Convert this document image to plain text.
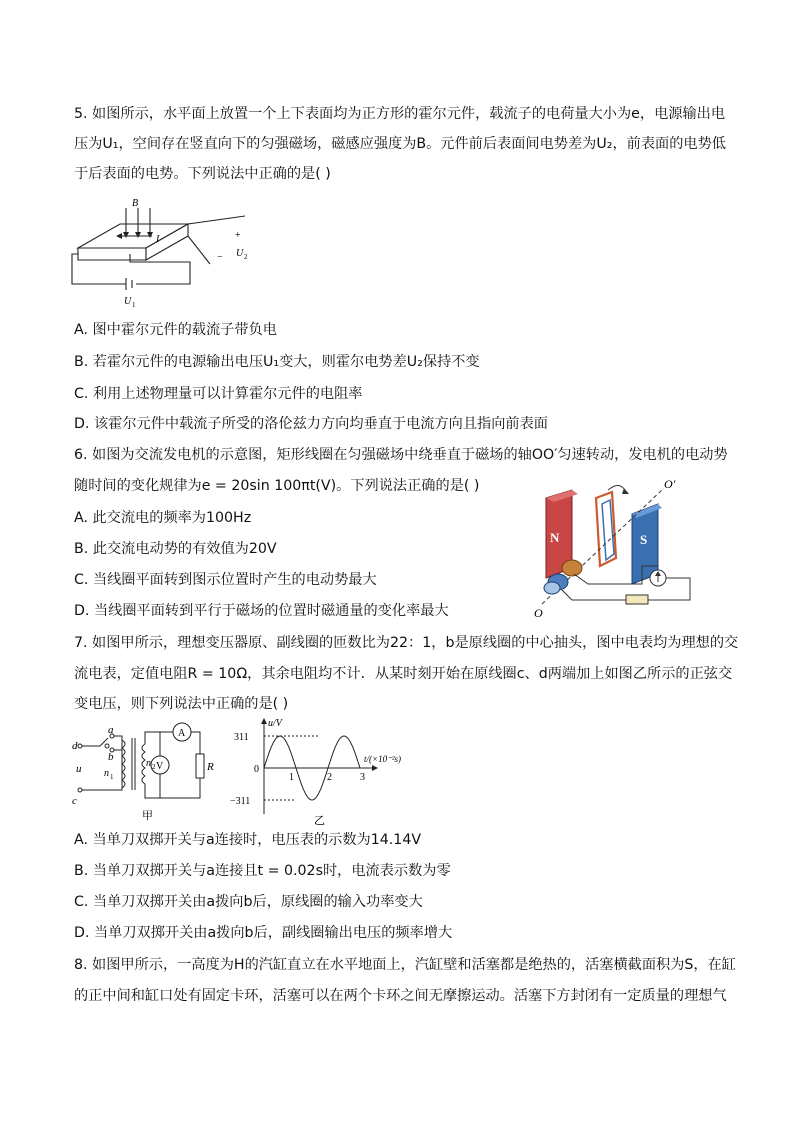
5. 如图所示，水平面上放置一个上下表面均为正方形的霍尔元件，载流子的电荷量大小为e，电源输出电
压为U₁，空间存在竖直向下的匀强磁场，磁感应强度为B。元件前后表面间电势差为U₂，前表面的电势低
于后表面的电势。下列说法中正确的是( )
B
I	+
− U 2
U 1
A. 图中霍尔元件的载流子带负电
B. 若霍尔元件的电源输出电压U₁变大，则霍尔电势差U₂保持不变
C. 利用上述物理量可以计算霍尔元件的电阻率
D. 该霍尔元件中载流子所受的洛伦兹力方向均垂直于电流方向且指向前表面
6. 如图为交流发电机的示意图，矩形线圈在匀强磁场中绕垂直于磁场的轴OO′匀速转动，发电机的电动势
随时间的变化规律为e = 20sin 100πt(V)。下列说法正确的是( )
A. 此交流电的频率为100Hz
B. 此交流电动势的有效值为20V
C. 当线圈平面转到图示位置时产生的电动势最大
D. 当线圈平面转到平行于磁场的位置时磁通量的变化率最大
N	S
O
O′
7. 如图甲所示，理想变压器原、副线圈的匝数比为22：1，b是原线圈的中心抽头，图中电表均为理想的交
流电表，定值电阻R = 10Ω，其余电阻均不计．从某时刻开始在原线圈c、d两端加上如图乙所示的正弦交
变电压，则下列说法中正确的是( )
A
V	R
d
a
b
u
c
n 1
n 2
甲
u/V
311
0
−311
1	2	3
t/(×10⁻²s)
乙
A. 当单刀双掷开关与a连接时，电压表的示数为14.14V
B. 当单刀双掷开关与a连接且t = 0.02s时，电流表示数为零
C. 当单刀双掷开关由a拨向b后，原线圈的输入功率变大
D. 当单刀双掷开关由a拨向b后，副线圈输出电压的频率增大
8. 如图甲所示，一高度为H的汽缸直立在水平地面上，汽缸壁和活塞都是绝热的，活塞横截面积为S，在缸
的正中间和缸口处有固定卡环，活塞可以在两个卡环之间无摩擦运动。活塞下方封闭有一定质量的理想气
